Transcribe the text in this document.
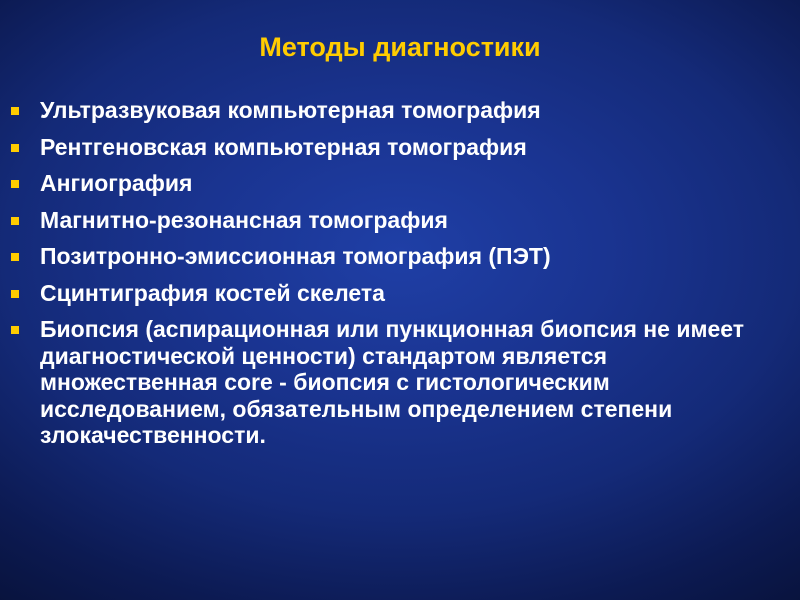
Методы диагностики
Ультразвуковая компьютерная томография
Рентгеновская компьютерная томография
Ангиография
Магнитно-резонансная томография
Позитронно-эмиссионная томография (ПЭТ)
Сцинтиграфия костей скелета
Биопсия (аспирационная или пункционная биопсия не имеет диагностической ценности) стандартом является множественная core - биопсия с гистологическим исследованием, обязательным определением степени злокачественности.
